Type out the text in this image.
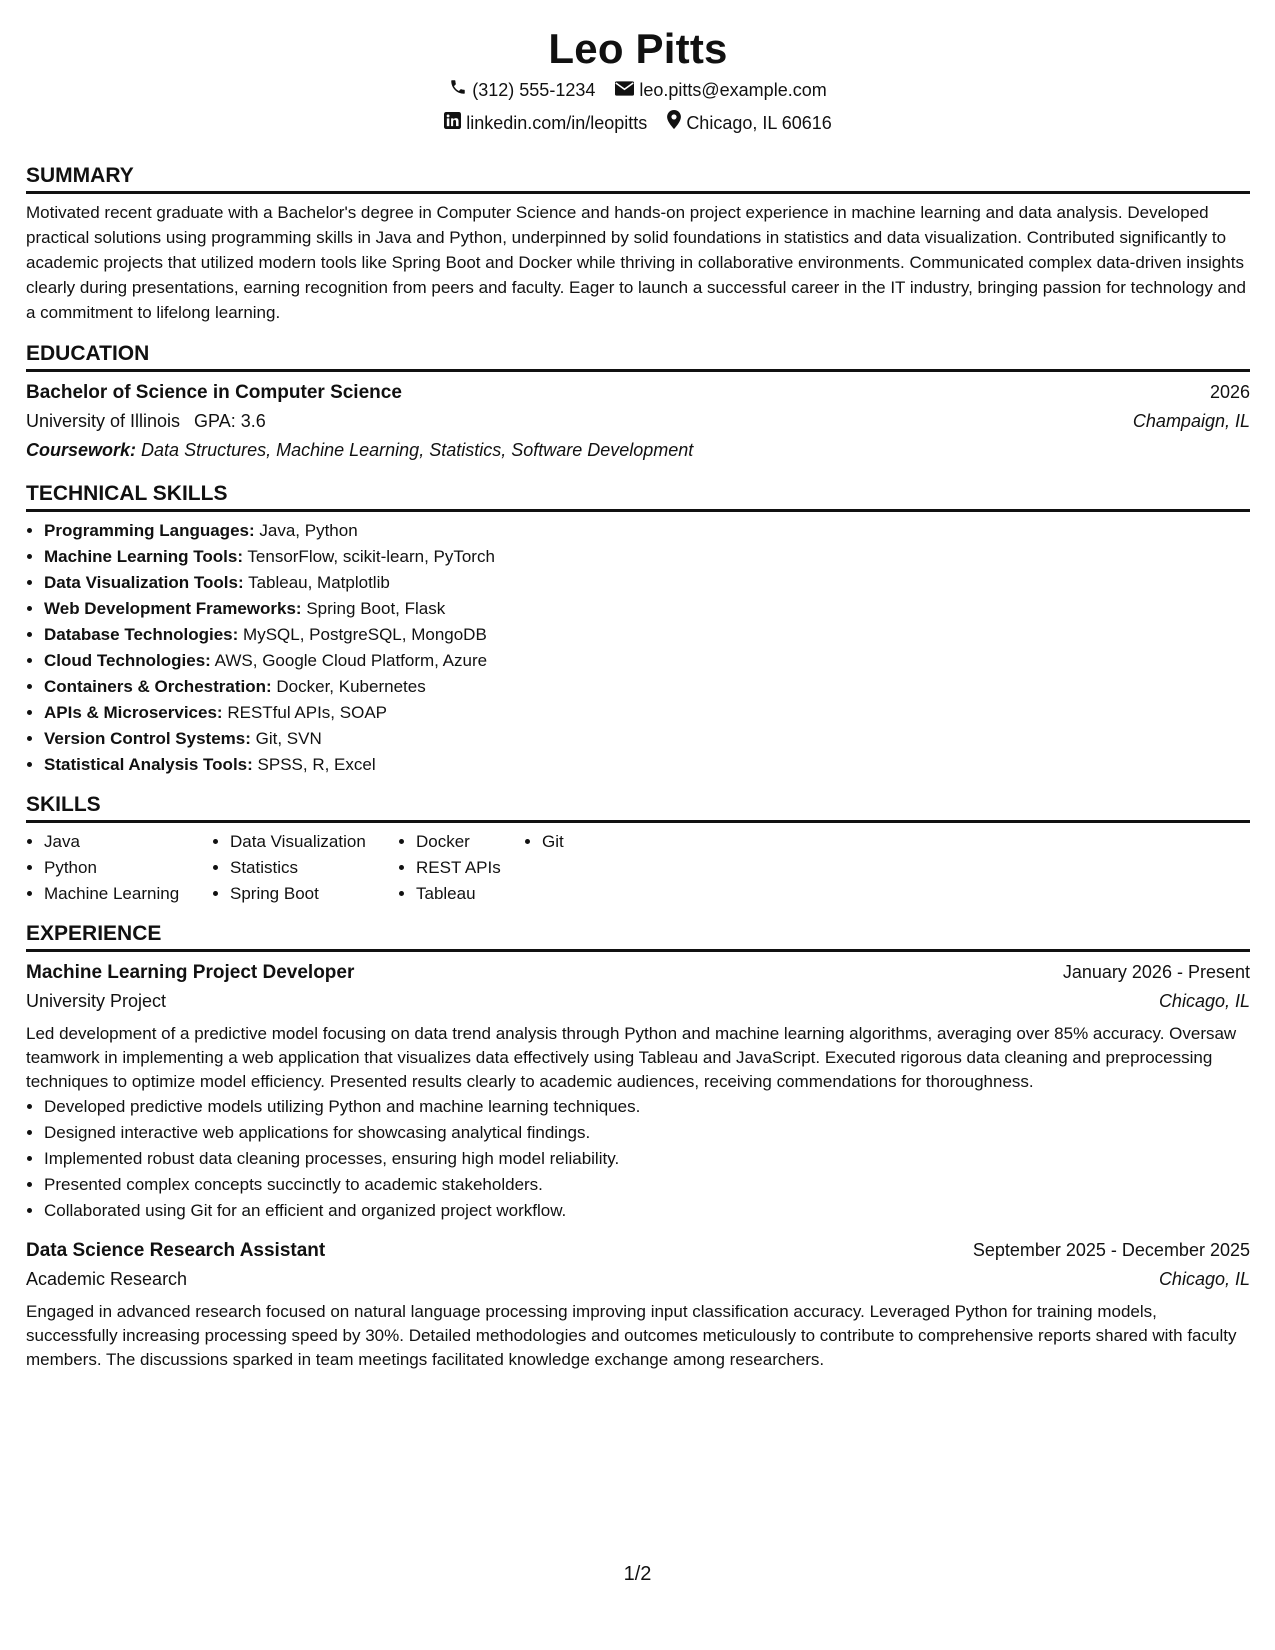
Leo Pitts
(312) 555-1234 leo.pitts@example.com
linkedin.com/in/leopitts Chicago, IL 60616
SUMMARY

Motivated recent graduate with a Bachelor's degree in Computer Science and hands-on project experience in machine learning and data analysis. Developed practical solutions using programming skills in Java and Python, underpinned by solid foundations in statistics and data visualization. Contributed significantly to academic projects that utilized modern tools like Spring Boot and Docker while thriving in collaborative environments. Communicated complex data-driven insights clearly during presentations, earning recognition from peers and faculty. Eager to launch a successful career in the IT industry, bringing passion for technology and a commitment to lifelong learning.

EDUCATION
Bachelor of Science in Computer Science	2026
University of Illinois GPA: 3.6	Champaign, IL
Coursework: Data Structures, Machine Learning, Statistics, Software Development
TECHNICAL SKILLS
• Programming Languages: Java, Python
• Machine Learning Tools: TensorFlow, scikit-learn, PyTorch
• Data Visualization Tools: Tableau, Matplotlib
• Web Development Frameworks: Spring Boot, Flask
• Database Technologies: MySQL, PostgreSQL, MongoDB
• Cloud Technologies: AWS, Google Cloud Platform, Azure
• Containers & Orchestration: Docker, Kubernetes
• APIs & Microservices: RESTful APIs, SOAP
• Version Control Systems: Git, SVN
• Statistical Analysis Tools: SPSS, R, Excel
SKILLS
• Java
• Python
• Machine Learning
• Data Visualization
• Statistics
• Spring Boot
• Docker
• REST APIs
• Tableau
• Git
EXPERIENCE
Machine Learning Project Developer	January 2026 - Present
University Project	Chicago, IL

Led development of a predictive model focusing on data trend analysis through Python and machine learning algorithms, averaging over 85% accuracy. Oversaw teamwork in implementing a web application that visualizes data effectively using Tableau and JavaScript. Executed rigorous data cleaning and preprocessing techniques to optimize model efficiency. Presented results clearly to academic audiences, receiving commendations for thoroughness.

• Developed predictive models utilizing Python and machine learning techniques.
• Designed interactive web applications for showcasing analytical findings.
• Implemented robust data cleaning processes, ensuring high model reliability.
• Presented complex concepts succinctly to academic stakeholders.
• Collaborated using Git for an efficient and organized project workflow.
Data Science Research Assistant	September 2025 - December 2025
Academic Research	Chicago, IL

Engaged in advanced research focused on natural language processing improving input classification accuracy. Leveraged Python for training models, successfully increasing processing speed by 30%. Detailed methodologies and outcomes meticulously to contribute to comprehensive reports shared with faculty members. The discussions sparked in team meetings facilitated knowledge exchange among researchers.

1/2
